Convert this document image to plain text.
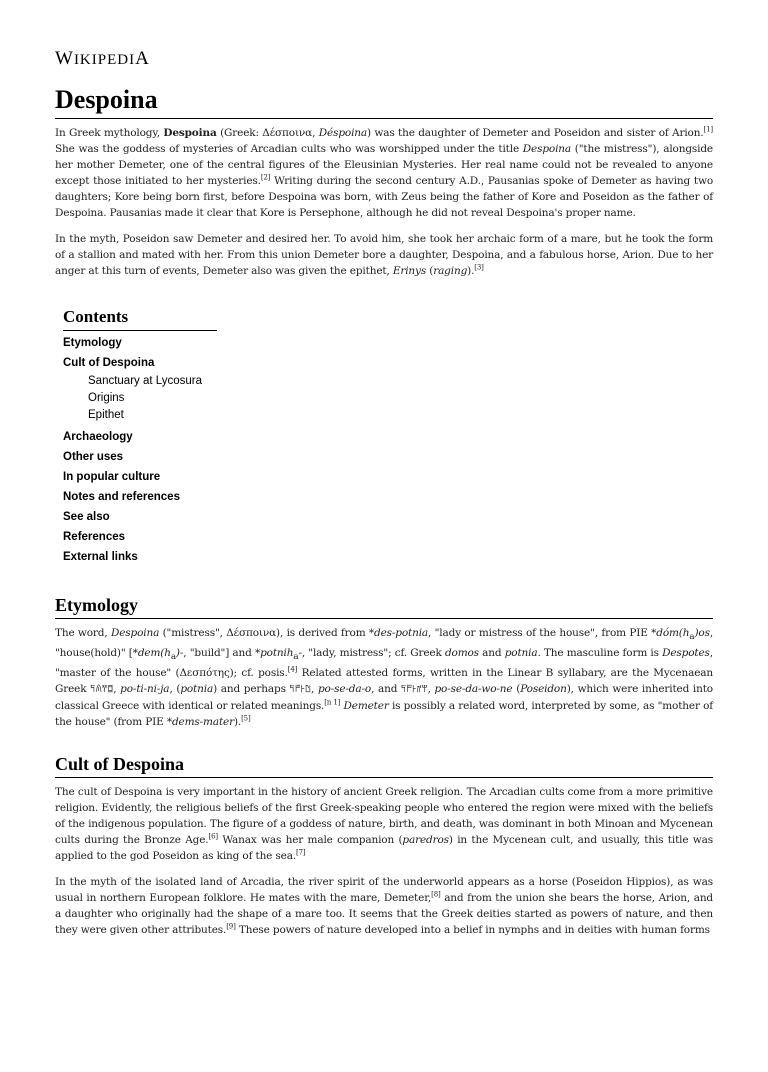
WIKIPEDIA
Despoina

In Greek mythology, Despoina (Greek: Δέσποινα, Déspoina) was the daughter of Demeter and Poseidon and sister of Arion.[1] She was the goddess of mysteries of Arcadian cults who was worshipped under the title Despoina ("the mistress"), alongside her mother Demeter, one of the central figures of the Eleusinian Mysteries. Her real name could not be revealed to anyone except those initiated to her mysteries.[2] Writing during the second century A.D., Pausanias spoke of Demeter as having two daughters; Kore being born first, before Despoina was born, with Zeus being the father of Kore and Poseidon as the father of Despoina. Pausanias made it clear that Kore is Persephone, although he did not reveal Despoina's proper name.

In the myth, Poseidon saw Demeter and desired her. To avoid him, she took her archaic form of a mare, but he took the form of a stallion and mated with her. From this union Demeter bore a daughter, Despoina, and a fabulous horse, Arion. Due to her anger at this turn of events, Demeter also was given the epithet, Erinys (raging).[3]

Contents
Etymology
Cult of Despoina
Sanctuary at Lycosura
Origins
Epithet
Archaeology
Other uses
In popular culture
Notes and references
See also
References
External links
Etymology

The word, Despoina ("mistress", Δέσποινα), is derived from *des-potnia, "lady or mistress of the house", from PIE $*dóm(h_a)os$, "house(hold)" [$*dem(h_a)-$, "build"] and *potnih$_a$-, "lady, mistress"; cf. Greek domos and potnia. The masculine form is Despotes, "master of the house" (Δεσπότης); cf. posis.[4] Related attested forms, written in the Linear B syllabary, are the Mycenaean Greek 𐀡𐀴𐀛𐀊, po-ti-ni-ja, (potnia) and perhaps 𐀡𐀮𐀅𐀃, po-se-da-o, and 𐀡𐀮𐀅𐀺𐀚, po-se-da-wo-ne (Poseidon), which were inherited into classical Greece with identical or related meanings.[n 1] Demeter is possibly a related word, interpreted by some, as "mother of the house" (from PIE *dems-mater).[5]

Cult of Despoina

The cult of Despoina is very important in the history of ancient Greek religion. The Arcadian cults come from a more primitive religion. Evidently, the religious beliefs of the first Greek-speaking people who entered the region were mixed with the beliefs of the indigenous population. The figure of a goddess of nature, birth, and death, was dominant in both Minoan and Mycenean cults during the Bronze Age.[6] Wanax was her male companion (paredros) in the Mycenean cult, and usually, this title was applied to the god Poseidon as king of the sea.[7]

In the myth of the isolated land of Arcadia, the river spirit of the underworld appears as a horse (Poseidon Hippios), as was usual in northern European folklore. He mates with the mare, Demeter,[8] and from the union she bears the horse, Arion, and a daughter who originally had the shape of a mare too. It seems that the Greek deities started as powers of nature, and then they were given other attributes.[9] These powers of nature developed into a belief in nymphs and in deities with human forms
